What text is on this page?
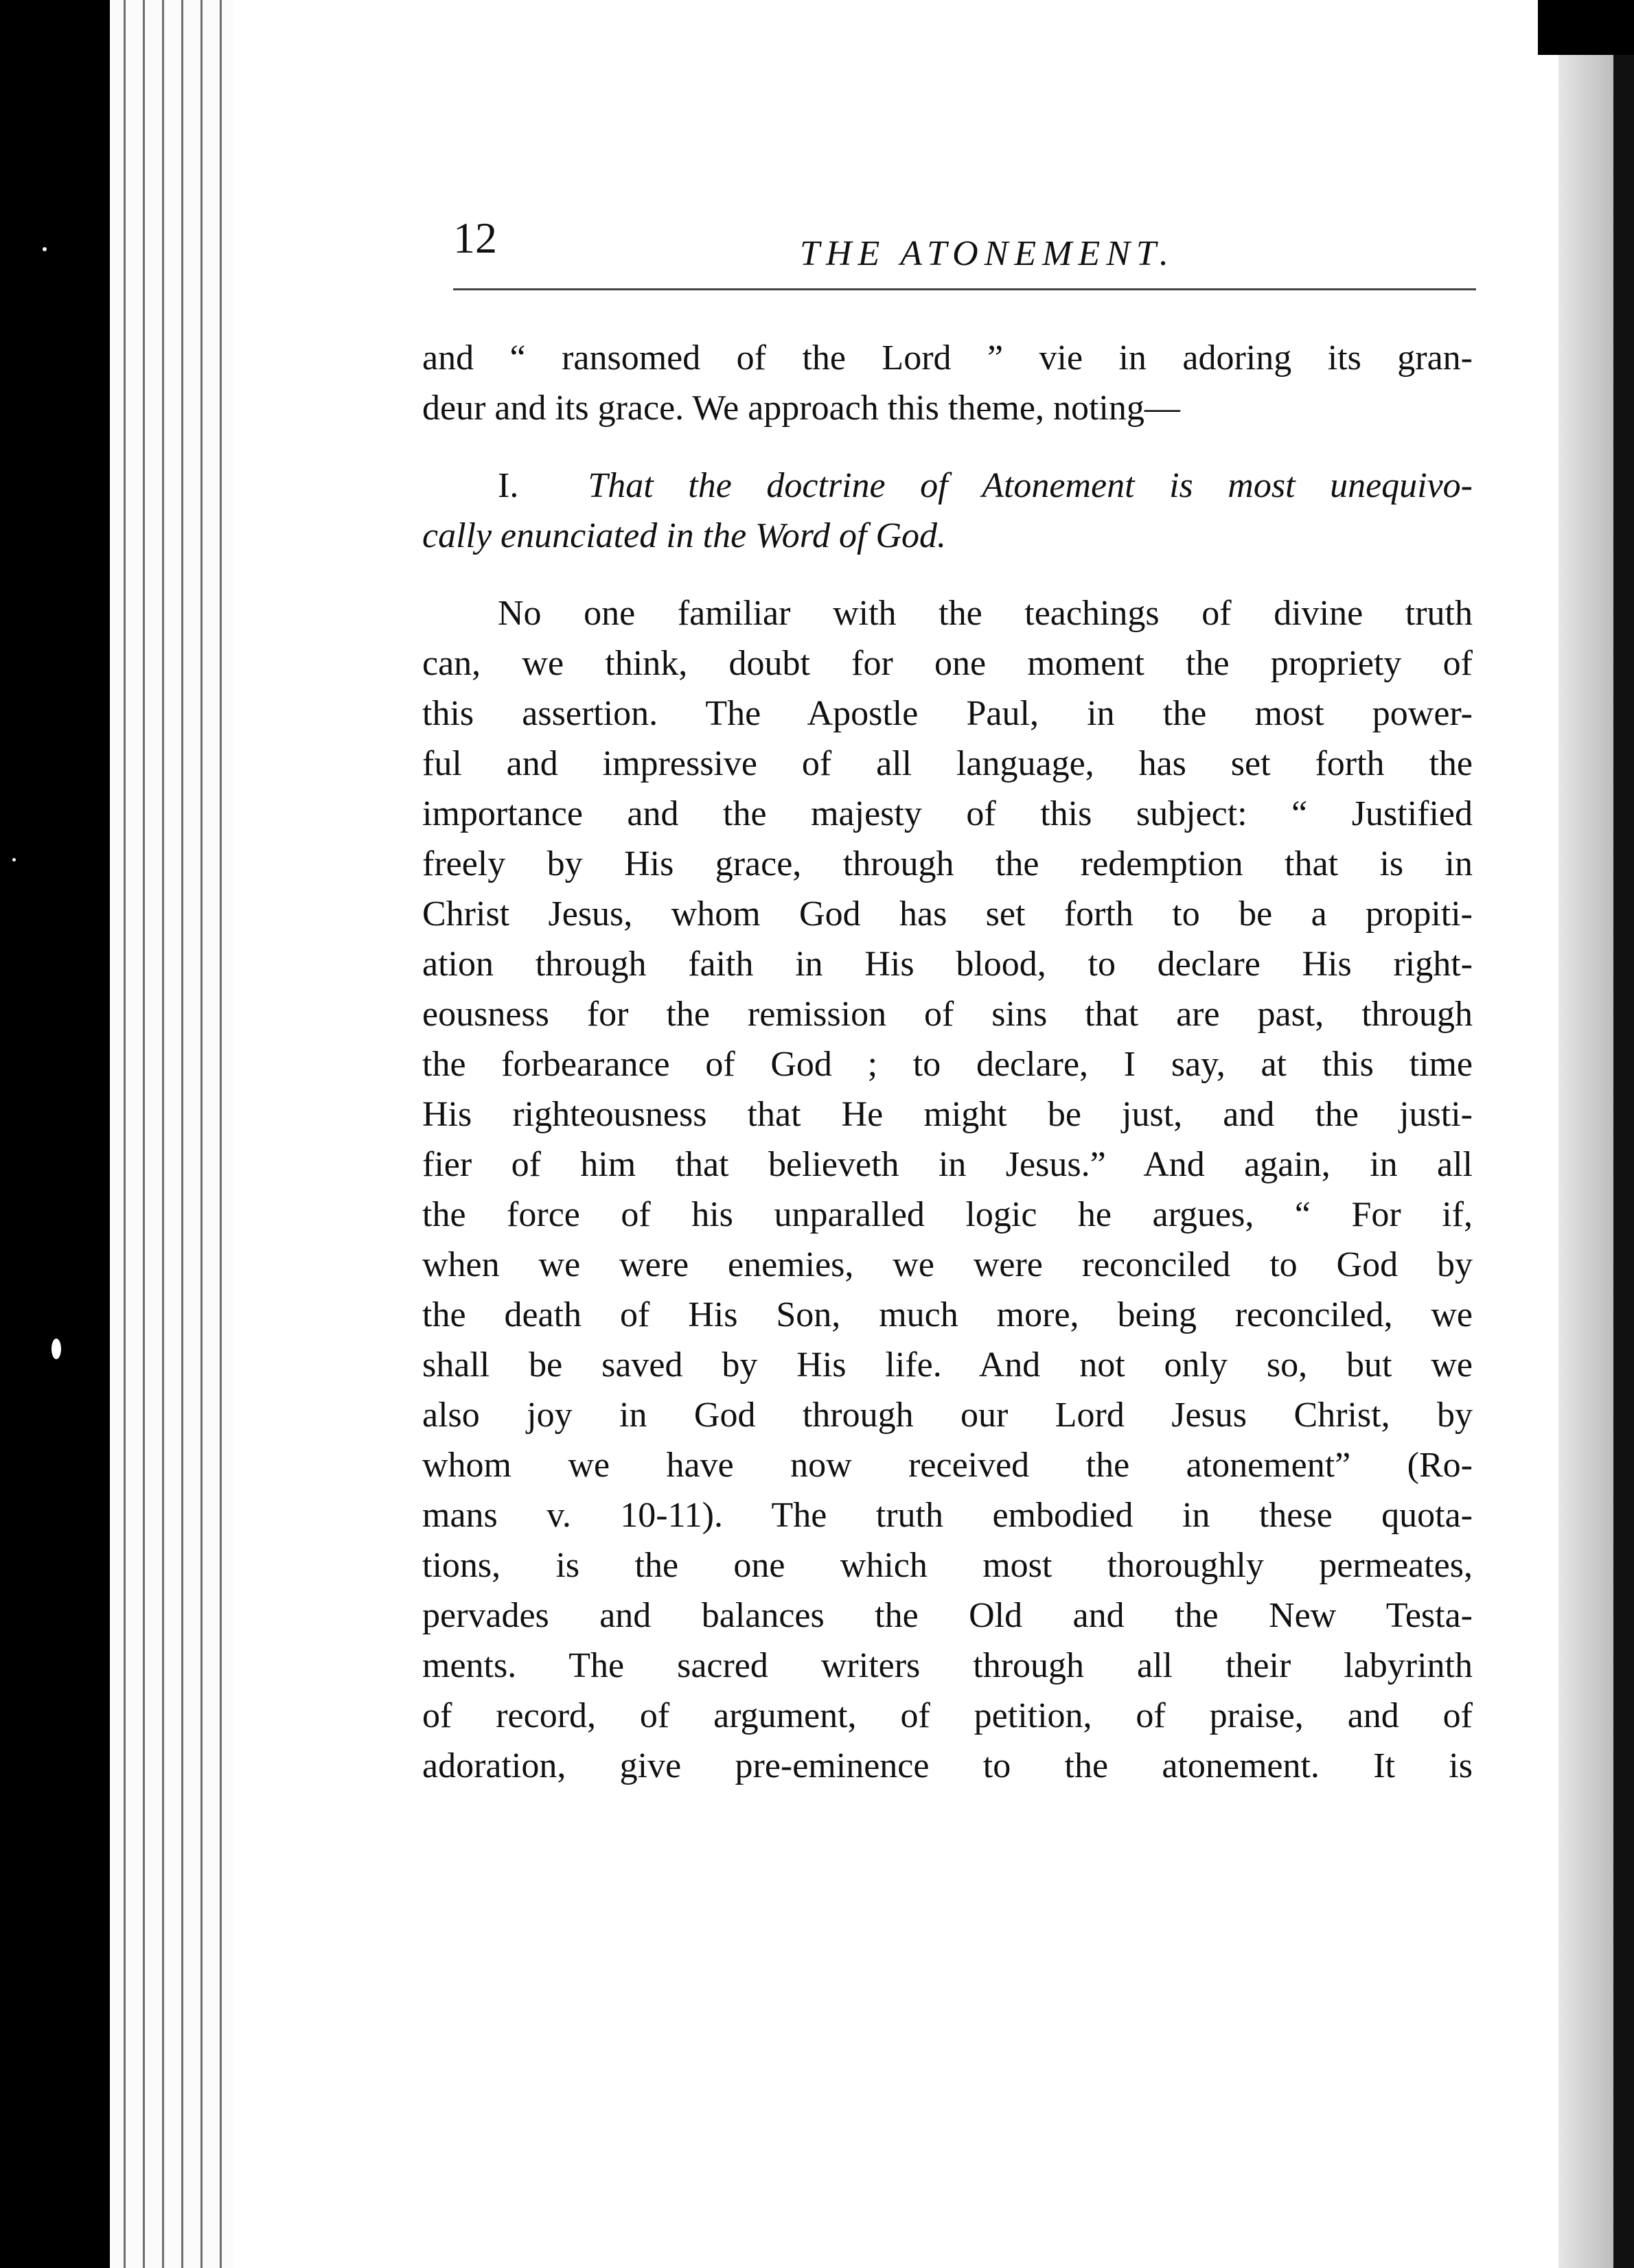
12	THE ATONEMENT.
and “ ransomed of the Lord ” vie in adoring its gran-
deur and its grace. We approach this theme, noting—
I. That the doctrine of Atonement is most unequivo-
cally enunciated in the Word of God.
No one familiar with the teachings of divine truth
can, we think, doubt for one moment the propriety of
this assertion. The Apostle Paul, in the most power-
ful and impressive of all language, has set forth the
importance and the majesty of this subject: “ Justified
freely by His grace, through the redemption that is in
Christ Jesus, whom God has set forth to be a propiti-
ation through faith in His blood, to declare His right-
eousness for the remission of sins that are past, through
the forbearance of God ; to declare, I say, at this time
His righteousness that He might be just, and the justi-
fier of him that believeth in Jesus.” And again, in all
the force of his unparalled logic he argues, “ For if,
when we were enemies, we were reconciled to God by
the death of His Son, much more, being reconciled, we
shall be saved by His life. And not only so, but we
also joy in God through our Lord Jesus Christ, by
whom we have now received the atonement” (Ro-
mans v. 10-11). The truth embodied in these quota-
tions, is the one which most thoroughly permeates,
pervades and balances the Old and the New Testa-
ments. The sacred writers through all their labyrinth
of record, of argument, of petition, of praise, and of
adoration, give pre-eminence to the atonement. It is
